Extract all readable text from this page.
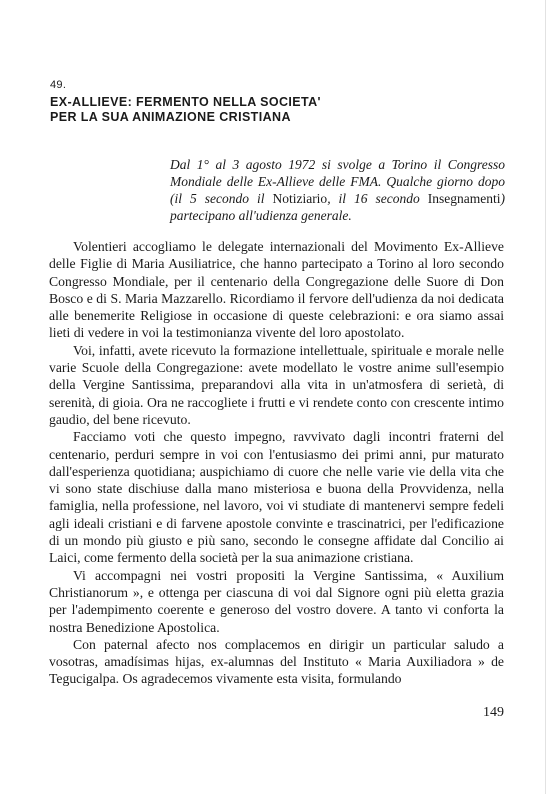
49.
EX-ALLIEVE: FERMENTO NELLA SOCIETA'
PER LA SUA ANIMAZIONE CRISTIANA
Dal 1° al 3 agosto 1972 si svolge a Torino il Congresso Mondiale delle Ex-Allieve delle FMA. Qualche giorno dopo (il 5 secondo il Notiziario, il 16 secondo Insegnamenti) partecipano all'udienza generale.

Volentieri accogliamo le delegate internazionali del Movimento Ex-Allieve delle Figlie di Maria Ausiliatrice, che hanno partecipato a Torino al loro secondo Congresso Mondiale, per il centenario della Congregazione delle Suore di Don Bosco e di S. Maria Mazzarello. Ricordiamo il fervore dell'udienza da noi dedicata alle benemerite Religiose in occasione di queste celebrazioni: e ora siamo assai lieti di vedere in voi la testimonianza vivente del loro apostolato.

Voi, infatti, avete ricevuto la formazione intellettuale, spirituale e morale nelle varie Scuole della Congregazione: avete modellato le vostre anime sull'esempio della Vergine Santissima, preparandovi alla vita in un'atmosfera di serietà, di serenità, di gioia. Ora ne raccogliete i frutti e vi rendete conto con crescente intimo gaudio, del bene ricevuto.

Facciamo voti che questo impegno, ravvivato dagli incontri fraterni del centenario, perduri sempre in voi con l'entusiasmo dei primi anni, pur maturato dall'esperienza quotidiana; auspichiamo di cuore che nelle varie vie della vita che vi sono state dischiuse dalla mano misteriosa e buona della Provvidenza, nella famiglia, nella professione, nel lavoro, voi vi studiate di mantenervi sempre fedeli agli ideali cristiani e di farvene apostole convinte e trascinatrici, per l'edificazione di un mondo più giusto e più sano, secondo le consegne affidate dal Concilio ai Laici, come fermento della società per la sua animazione cristiana.

Vi accompagni nei vostri propositi la Vergine Santissima, « Auxilium Christianorum », e ottenga per ciascuna di voi dal Signore ogni più eletta grazia per l'adempimento coerente e generoso del vostro dovere. A tanto vi conforta la nostra Benedizione Apostolica.

Con paternal afecto nos complacemos en dirigir un particular saludo a vosotras, amadísimas hijas, ex-alumnas del Instituto « Maria Auxiliadora » de Tegucigalpa. Os agradecemos vivamente esta visita, formulando

149
